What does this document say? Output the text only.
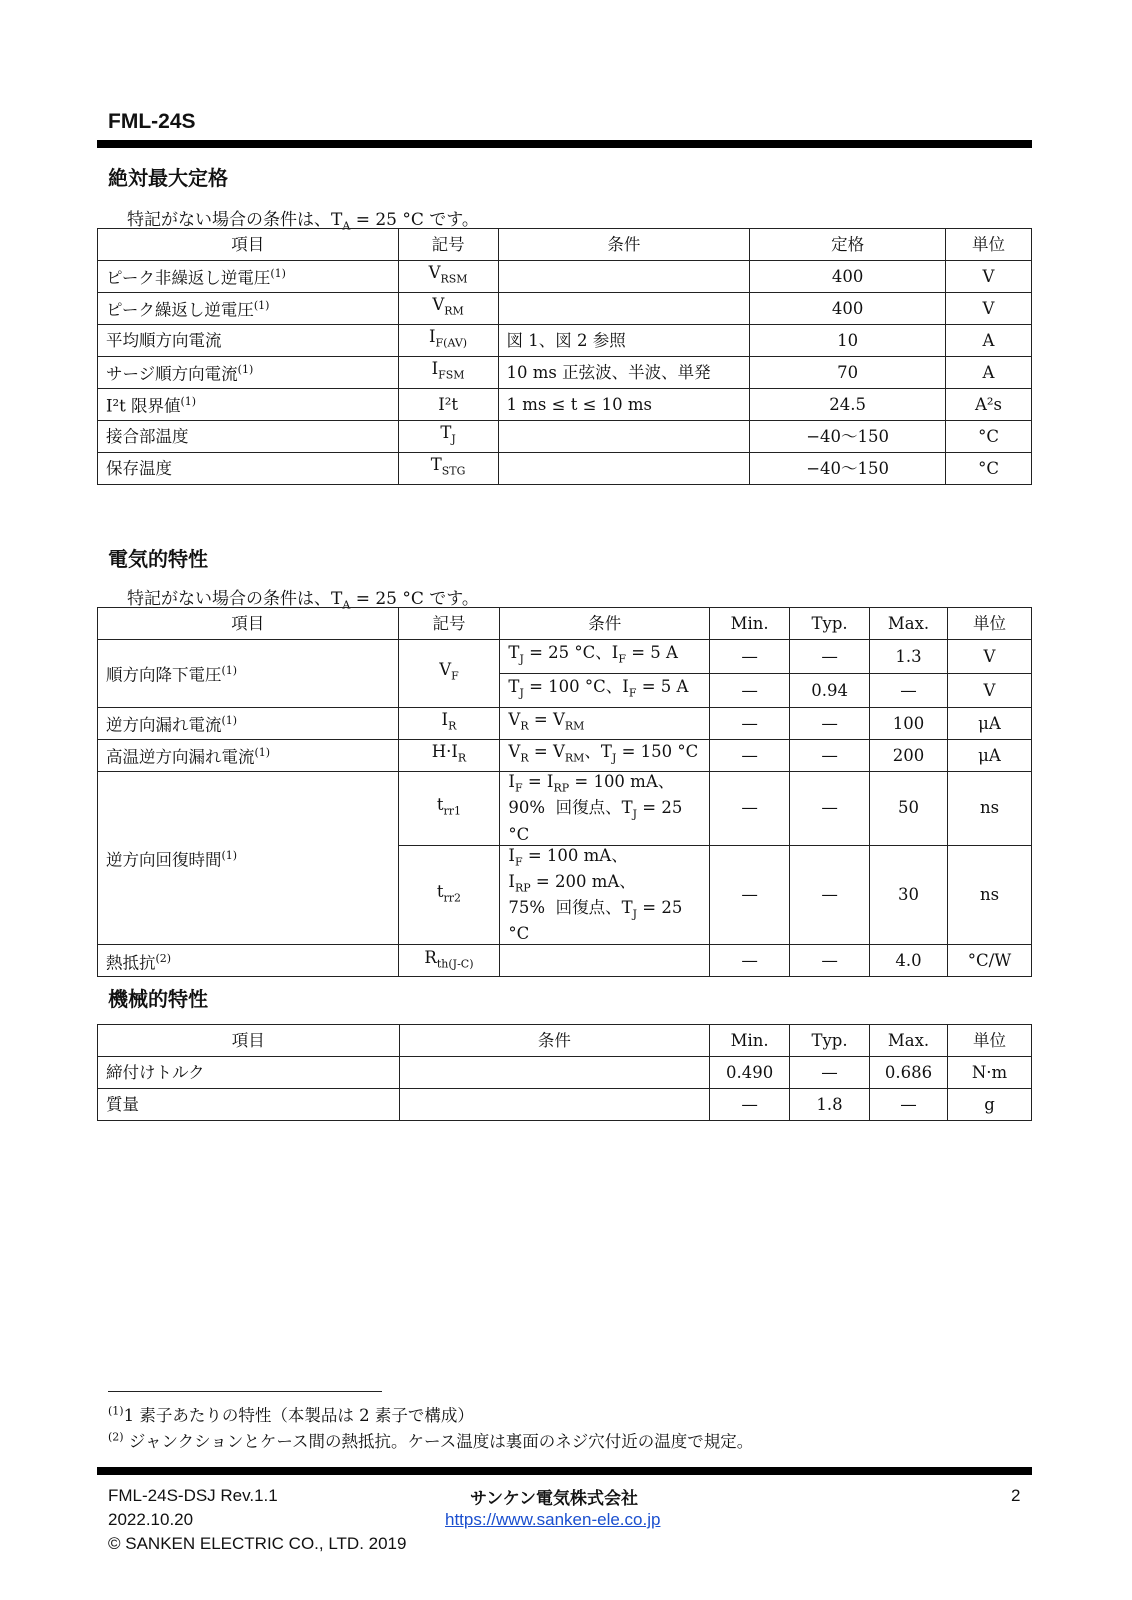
FML-24S
絶対最大定格
特記がない場合の条件は、$T_A = 25$ °C です。
項目	記号	条件	定格	単位
ピーク非繰返し逆電圧$^{(1)}$	$V_{RSM}$		400	V
ピーク繰返し逆電圧$^{(1)}$	$V_{RM}$		400	V
平均順方向電流	$I_{F(AV)}$	図 1、図 2 参照	10	A
サージ順方向電流$^{(1)}$	$I_{FSM}$	10 ms 正弦波、半波、単発	70	A
I²t 限界値$^{(1)}$	I²t	1 ms ≤ t ≤ 10 ms	24.5	A²s
接合部温度	$T_J$		−40〜150	°C
保存温度	$T_{STG}$		−40〜150	°C
電気的特性
特記がない場合の条件は、$T_A = 25$ °C です。
項目	記号	条件	Min.	Typ.	Max.	単位
順方向降下電圧$^{(1)}$	$V_F$	$T_J = 25$ °C、$I_F = 5$ A	—	—	1.3	V
		$T_J = 100$ °C、$I_F = 5$ A	—	0.94	—	V
逆方向漏れ電流$^{(1)}$	$I_R$	$V_R = V_{RM}$	—	—	100	μA
高温逆方向漏れ電流$^{(1)}$	$H\cdot I_R$	$V_R = V_{RM}$、$T_J = 150$ °C	—	—	200	μA
逆方向回復時間$^{(1)}$	$t_{rr1}$	$I_F = I_{RP} = 100$ mA、
90%  回復点、$T_J = 25$ °C	—	—	50	ns
	$t_{rr2}$	$I_F = 100$ mA、
$I_{RP} = 200$ mA、
75%  回復点、$T_J = 25$ °C	—	—	30	ns
熱抵抗$^{(2)}$	$R_{th(J-C)}$		—	—	4.0	°C/W
機械的特性
項目	条件	Min.	Typ.	Max.	単位
締付けトルク		0.490	—	0.686	N·m
質量		—	1.8	—	g
$^{(1)}$1 素子あたりの特性（本製品は 2 素子で構成）
$^{(2)}$ ジャンクションとケース間の熱抵抗。ケース温度は裏面のネジ穴付近の温度で規定。
FML-24S-DSJ Rev.1.1
2022.10.20
© SANKEN ELECTRIC CO., LTD. 2019
サンケン電気株式会社
https://www.sanken-ele.co.jp
2
